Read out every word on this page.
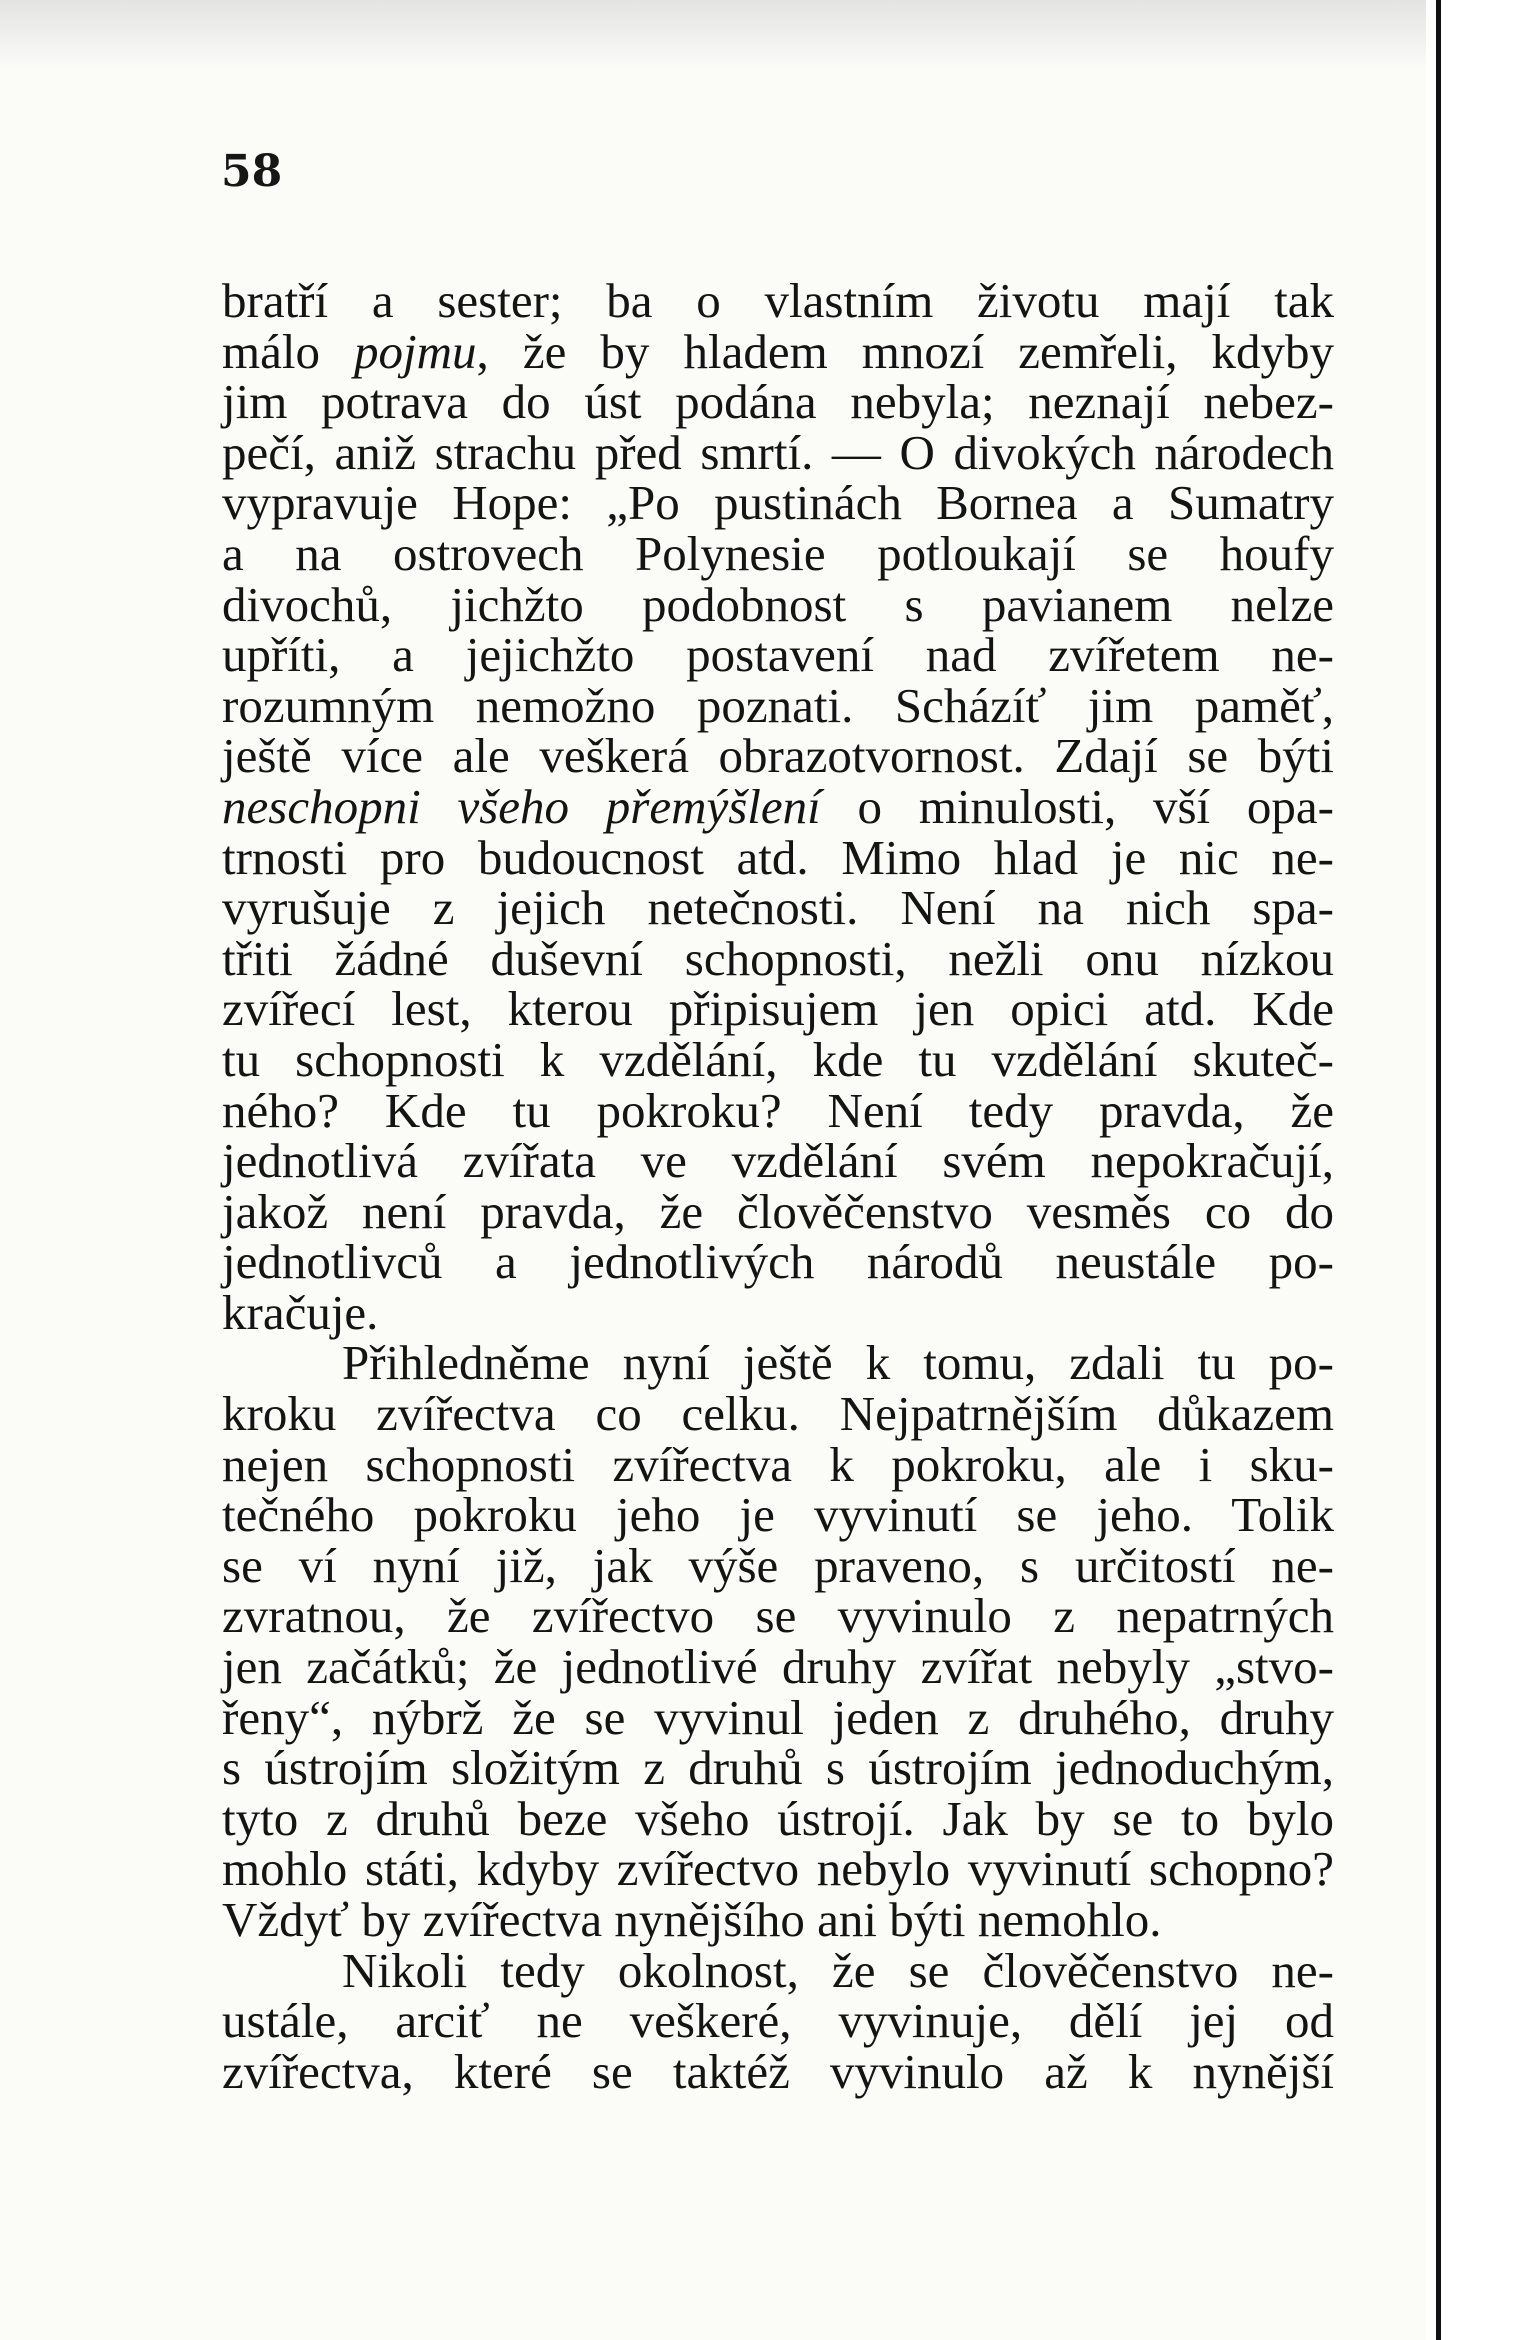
58
bratří a sester; ba o vlastním životu mají tak
málo pojmu, že by hladem mnozí zemřeli, kdyby
jim potrava do úst podána nebyla; neznají nebez-
pečí, aniž strachu před smrtí. — O divokých národech
vypravuje Hope: „Po pustinách Bornea a Sumatry
a na ostrovech Polynesie potloukají se houfy
divochů, jichžto podobnost s pavianem nelze
upříti, a jejichžto postavení nad zvířetem ne-
rozumným nemožno poznati. Scházíť jim paměť,
ještě více ale veškerá obrazotvornost. Zdají se býti
neschopni všeho přemýšlení o minulosti, vší opa-
trnosti pro budoucnost atd. Mimo hlad je nic ne-
vyrušuje z jejich netečnosti. Není na nich spa-
třiti žádné duševní schopnosti, nežli onu nízkou
zvířecí lest, kterou připisujem jen opici atd. Kde
tu schopnosti k vzdělání, kde tu vzdělání skuteč-
ného? Kde tu pokroku? Není tedy pravda, že
jednotlivá zvířata ve vzdělání svém nepokračují,
jakož není pravda, že člověčenstvo vesměs co do
jednotlivců a jednotlivých národů neustále po-
kračuje.
Přihledněme nyní ještě k tomu, zdali tu po-
kroku zvířectva co celku. Nejpatrnějším důkazem
nejen schopnosti zvířectva k pokroku, ale i sku-
tečného pokroku jeho je vyvinutí se jeho. Tolik
se ví nyní již, jak výše praveno, s určitostí ne-
zvratnou, že zvířectvo se vyvinulo z nepatrných
jen začátků; že jednotlivé druhy zvířat nebyly „stvo-
řeny“, nýbrž že se vyvinul jeden z druhého, druhy
s ústrojím složitým z druhů s ústrojím jednoduchým,
tyto z druhů beze všeho ústrojí. Jak by se to bylo
mohlo státi, kdyby zvířectvo nebylo vyvinutí schopno?
Vždyť by zvířectva nynějšího ani býti nemohlo.
Nikoli tedy okolnost, že se člověčenstvo ne-
ustále, arciť ne veškeré, vyvinuje, dělí jej od
zvířectva, které se taktéž vyvinulo až k nynější
